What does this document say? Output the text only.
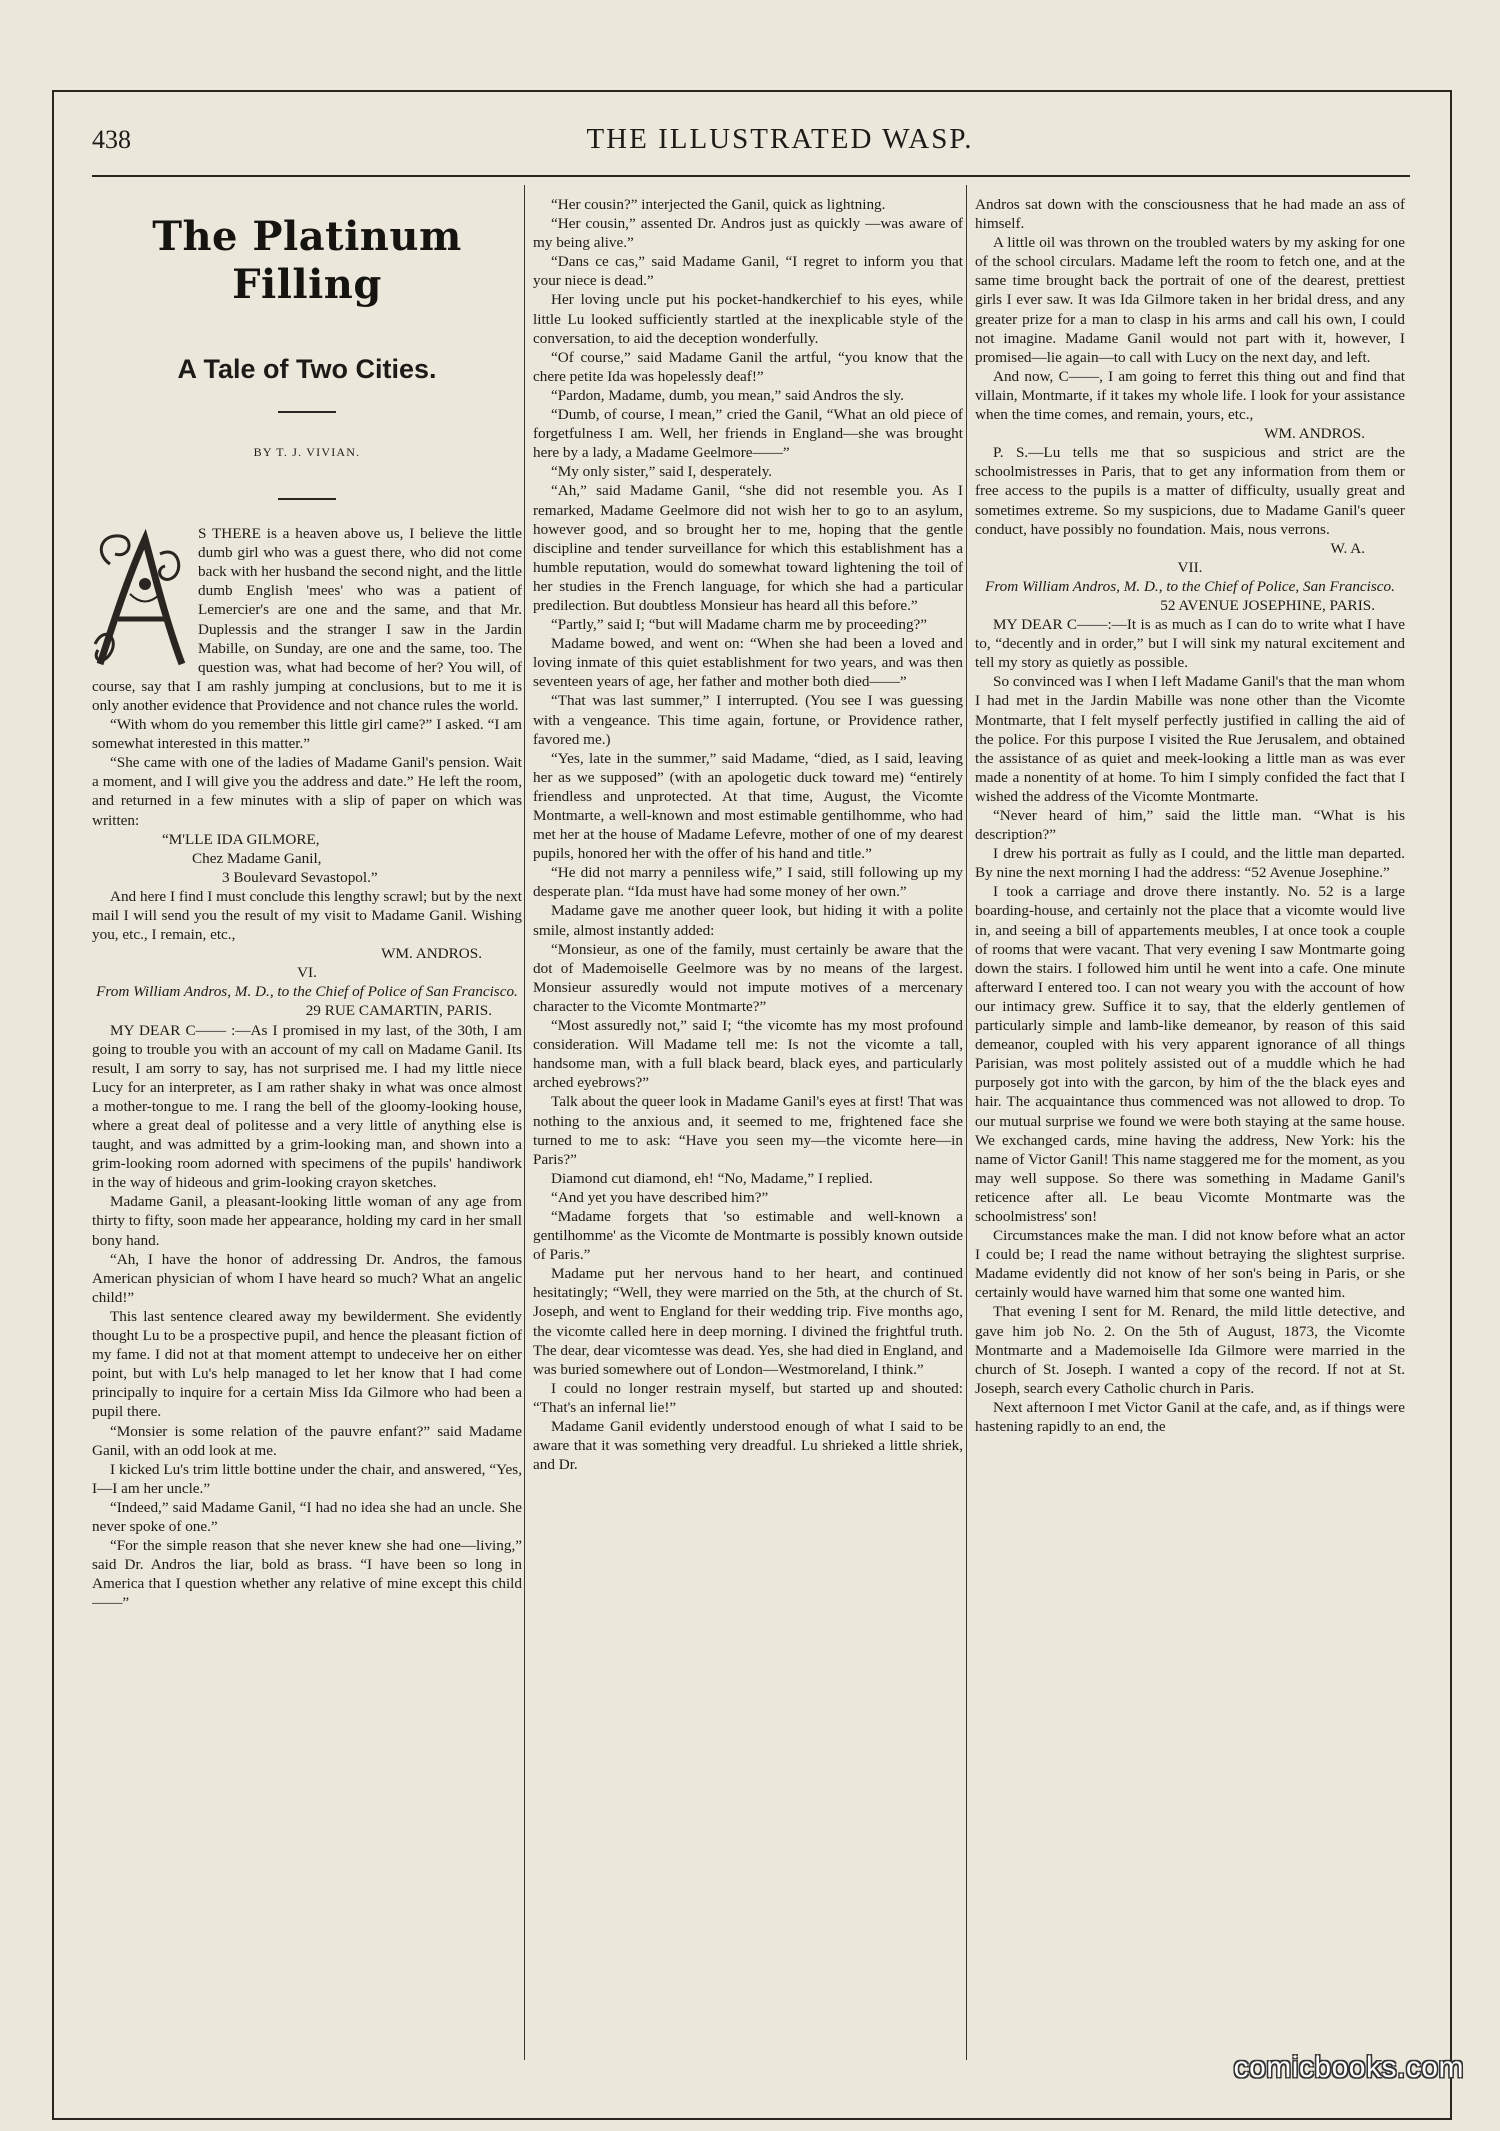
438	THE ILLUSTRATED WASP.
The Platinum Filling
A Tale of Two Cities.
BY T. J. VIVIAN.

S THERE is a heaven above us, I believe the little dumb girl who was a guest there, who did not come back with her husband the second night, and the little dumb English 'mees' who was a patient of Lemercier's are one and the same, and that Mr. Duplessis and the stranger I saw in the Jardin Mabille, on Sunday, are one and the same, too. The question was, what had become of her? You will, of course, say that I am rashly jumping at conclusions, but to me it is only another evidence that Providence and not chance rules the world.

“With whom do you remember this little girl came?” I asked. “I am somewhat interested in this matter.”

“She came with one of the ladies of Madame Ganil's pension. Wait a moment, and I will give you the address and date.” He left the room, and returned in a few minutes with a slip of paper on which was written:

“M'LLE IDA GILMORE,

Chez Madame Ganil,

3 Boulevard Sevastopol.”

And here I find I must conclude this lengthy scrawl; but by the next mail I will send you the result of my visit to Madame Ganil. Wishing you, etc., I remain, etc.,

WM. ANDROS.

VI.

From William Andros, M. D., to the Chief of Police of San Francisco.

29 RUE CAMARTIN, PARIS.

MY DEAR C—— :—As I promised in my last, of the 30th, I am going to trouble you with an account of my call on Madame Ganil. Its result, I am sorry to say, has not surprised me. I had my little niece Lucy for an interpreter, as I am rather shaky in what was once almost a mother-tongue to me. I rang the bell of the gloomy-looking house, where a great deal of politesse and a very little of anything else is taught, and was admitted by a grim-looking man, and shown into a grim-looking room adorned with specimens of the pupils' handiwork in the way of hideous and grim-looking crayon sketches.

Madame Ganil, a pleasant-looking little woman of any age from thirty to fifty, soon made her appearance, holding my card in her small bony hand.

“Ah, I have the honor of addressing Dr. Andros, the famous American physician of whom I have heard so much? What an angelic child!”

This last sentence cleared away my bewilderment. She evidently thought Lu to be a prospective pupil, and hence the pleasant fiction of my fame. I did not at that moment attempt to undeceive her on either point, but with Lu's help managed to let her know that I had come principally to inquire for a certain Miss Ida Gilmore who had been a pupil there.

“Monsier is some relation of the pauvre enfant?” said Madame Ganil, with an odd look at me.

I kicked Lu's trim little bottine under the chair, and answered, “Yes, I—I am her uncle.”

“Indeed,” said Madame Ganil, “I had no idea she had an uncle. She never spoke of one.”

“For the simple reason that she never knew she had one—living,” said Dr. Andros the liar, bold as brass. “I have been so long in America that I question whether any relative of mine except this child——”

“Her cousin?” interjected the Ganil, quick as lightning.

“Her cousin,” assented Dr. Andros just as quickly —was aware of my being alive.”

“Dans ce cas,” said Madame Ganil, “I regret to inform you that your niece is dead.”

Her loving uncle put his pocket-handkerchief to his eyes, while little Lu looked sufficiently startled at the inexplicable style of the conversation, to aid the deception wonderfully.

“Of course,” said Madame Ganil the artful, “you know that the chere petite Ida was hopelessly deaf!”

“Pardon, Madame, dumb, you mean,” said Andros the sly.

“Dumb, of course, I mean,” cried the Ganil, “What an old piece of forgetfulness I am. Well, her friends in England—she was brought here by a lady, a Madame Geelmore——”

“My only sister,” said I, desperately.

“Ah,” said Madame Ganil, “she did not resemble you. As I remarked, Madame Geelmore did not wish her to go to an asylum, however good, and so brought her to me, hoping that the gentle discipline and tender surveillance for which this establishment has a humble reputation, would do somewhat toward lightening the toil of her studies in the French language, for which she had a particular predilection. But doubtless Monsieur has heard all this before.”

“Partly,” said I; “but will Madame charm me by proceeding?”

Madame bowed, and went on: “When she had been a loved and loving inmate of this quiet establishment for two years, and was then seventeen years of age, her father and mother both died——”

“That was last summer,” I interrupted. (You see I was guessing with a vengeance. This time again, fortune, or Providence rather, favored me.)

“Yes, late in the summer,” said Madame, “died, as I said, leaving her as we supposed” (with an apologetic duck toward me) “entirely friendless and unprotected. At that time, August, the Vicomte Montmarte, a well-known and most estimable gentilhomme, who had met her at the house of Madame Lefevre, mother of one of my dearest pupils, honored her with the offer of his hand and title.”

“He did not marry a penniless wife,” I said, still following up my desperate plan. “Ida must have had some money of her own.”

Madame gave me another queer look, but hiding it with a polite smile, almost instantly added:

“Monsieur, as one of the family, must certainly be aware that the dot of Mademoiselle Geelmore was by no means of the largest. Monsieur assuredly would not impute motives of a mercenary character to the Vicomte Montmarte?”

“Most assuredly not,” said I; “the vicomte has my most profound consideration. Will Madame tell me: Is not the vicomte a tall, handsome man, with a full black beard, black eyes, and particularly arched eyebrows?”

Talk about the queer look in Madame Ganil's eyes at first! That was nothing to the anxious and, it seemed to me, frightened face she turned to me to ask: “Have you seen my—the vicomte here—in Paris?”

Diamond cut diamond, eh! “No, Madame,” I replied.

“And yet you have described him?”

“Madame forgets that 'so estimable and well-known a gentilhomme' as the Vicomte de Montmarte is possibly known outside of Paris.”

Madame put her nervous hand to her heart, and continued hesitatingly; “Well, they were married on the 5th, at the church of St. Joseph, and went to England for their wedding trip. Five months ago, the vicomte called here in deep morning. I divined the frightful truth. The dear, dear vicomtesse was dead. Yes, she had died in England, and was buried somewhere out of London—Westmoreland, I think.”

I could no longer restrain myself, but started up and shouted: “That's an infernal lie!”

Madame Ganil evidently understood enough of what I said to be aware that it was something very dreadful. Lu shrieked a little shriek, and Dr.

Andros sat down with the consciousness that he had made an ass of himself.

A little oil was thrown on the troubled waters by my asking for one of the school circulars. Madame left the room to fetch one, and at the same time brought back the portrait of one of the dearest, prettiest girls I ever saw. It was Ida Gilmore taken in her bridal dress, and any greater prize for a man to clasp in his arms and call his own, I could not imagine. Madame Ganil would not part with it, however, I promised—lie again—to call with Lucy on the next day, and left.

And now, C——, I am going to ferret this thing out and find that villain, Montmarte, if it takes my whole life. I look for your assistance when the time comes, and remain, yours, etc.,

WM. ANDROS.

P. S.—Lu tells me that so suspicious and strict are the schoolmistresses in Paris, that to get any information from them or free access to the pupils is a matter of difficulty, usually great and sometimes extreme. So my suspicions, due to Madame Ganil's queer conduct, have possibly no foundation. Mais, nous verrons.

W. A.

VII.

From William Andros, M. D., to the Chief of Police, San Francisco.

52 AVENUE JOSEPHINE, PARIS.

MY DEAR C——:—It is as much as I can do to write what I have to, “decently and in order,” but I will sink my natural excitement and tell my story as quietly as possible.

So convinced was I when I left Madame Ganil's that the man whom I had met in the Jardin Mabille was none other than the Vicomte Montmarte, that I felt myself perfectly justified in calling the aid of the police. For this purpose I visited the Rue Jerusalem, and obtained the assistance of as quiet and meek-looking a little man as was ever made a nonentity of at home. To him I simply confided the fact that I wished the address of the Vicomte Montmarte.

“Never heard of him,” said the little man. “What is his description?”

I drew his portrait as fully as I could, and the little man departed. By nine the next morning I had the address: “52 Avenue Josephine.”

I took a carriage and drove there instantly. No. 52 is a large boarding-house, and certainly not the place that a vicomte would live in, and seeing a bill of appartements meubles, I at once took a couple of rooms that were vacant. That very evening I saw Montmarte going down the stairs. I followed him until he went into a cafe. One minute afterward I entered too. I can not weary you with the account of how our intimacy grew. Suffice it to say, that the elderly gentlemen of particularly simple and lamb-like demeanor, by reason of this said demeanor, coupled with his very apparent ignorance of all things Parisian, was most politely assisted out of a muddle which he had purposely got into with the garcon, by him of the the black eyes and hair. The acquaintance thus commenced was not allowed to drop. To our mutual surprise we found we were both staying at the same house. We exchanged cards, mine having the address, New York: his the name of Victor Ganil! This name staggered me for the moment, as you may well suppose. So there was something in Madame Ganil's reticence after all. Le beau Vicomte Montmarte was the schoolmistress' son!

Circumstances make the man. I did not know before what an actor I could be; I read the name without betraying the slightest surprise. Madame evidently did not know of her son's being in Paris, or she certainly would have warned him that some one wanted him.

That evening I sent for M. Renard, the mild little detective, and gave him job No. 2. On the 5th of August, 1873, the Vicomte Montmarte and a Mademoiselle Ida Gilmore were married in the church of St. Joseph. I wanted a copy of the record. If not at St. Joseph, search every Catholic church in Paris.

Next afternoon I met Victor Ganil at the cafe, and, as if things were hastening rapidly to an end, the

comicbooks.com
